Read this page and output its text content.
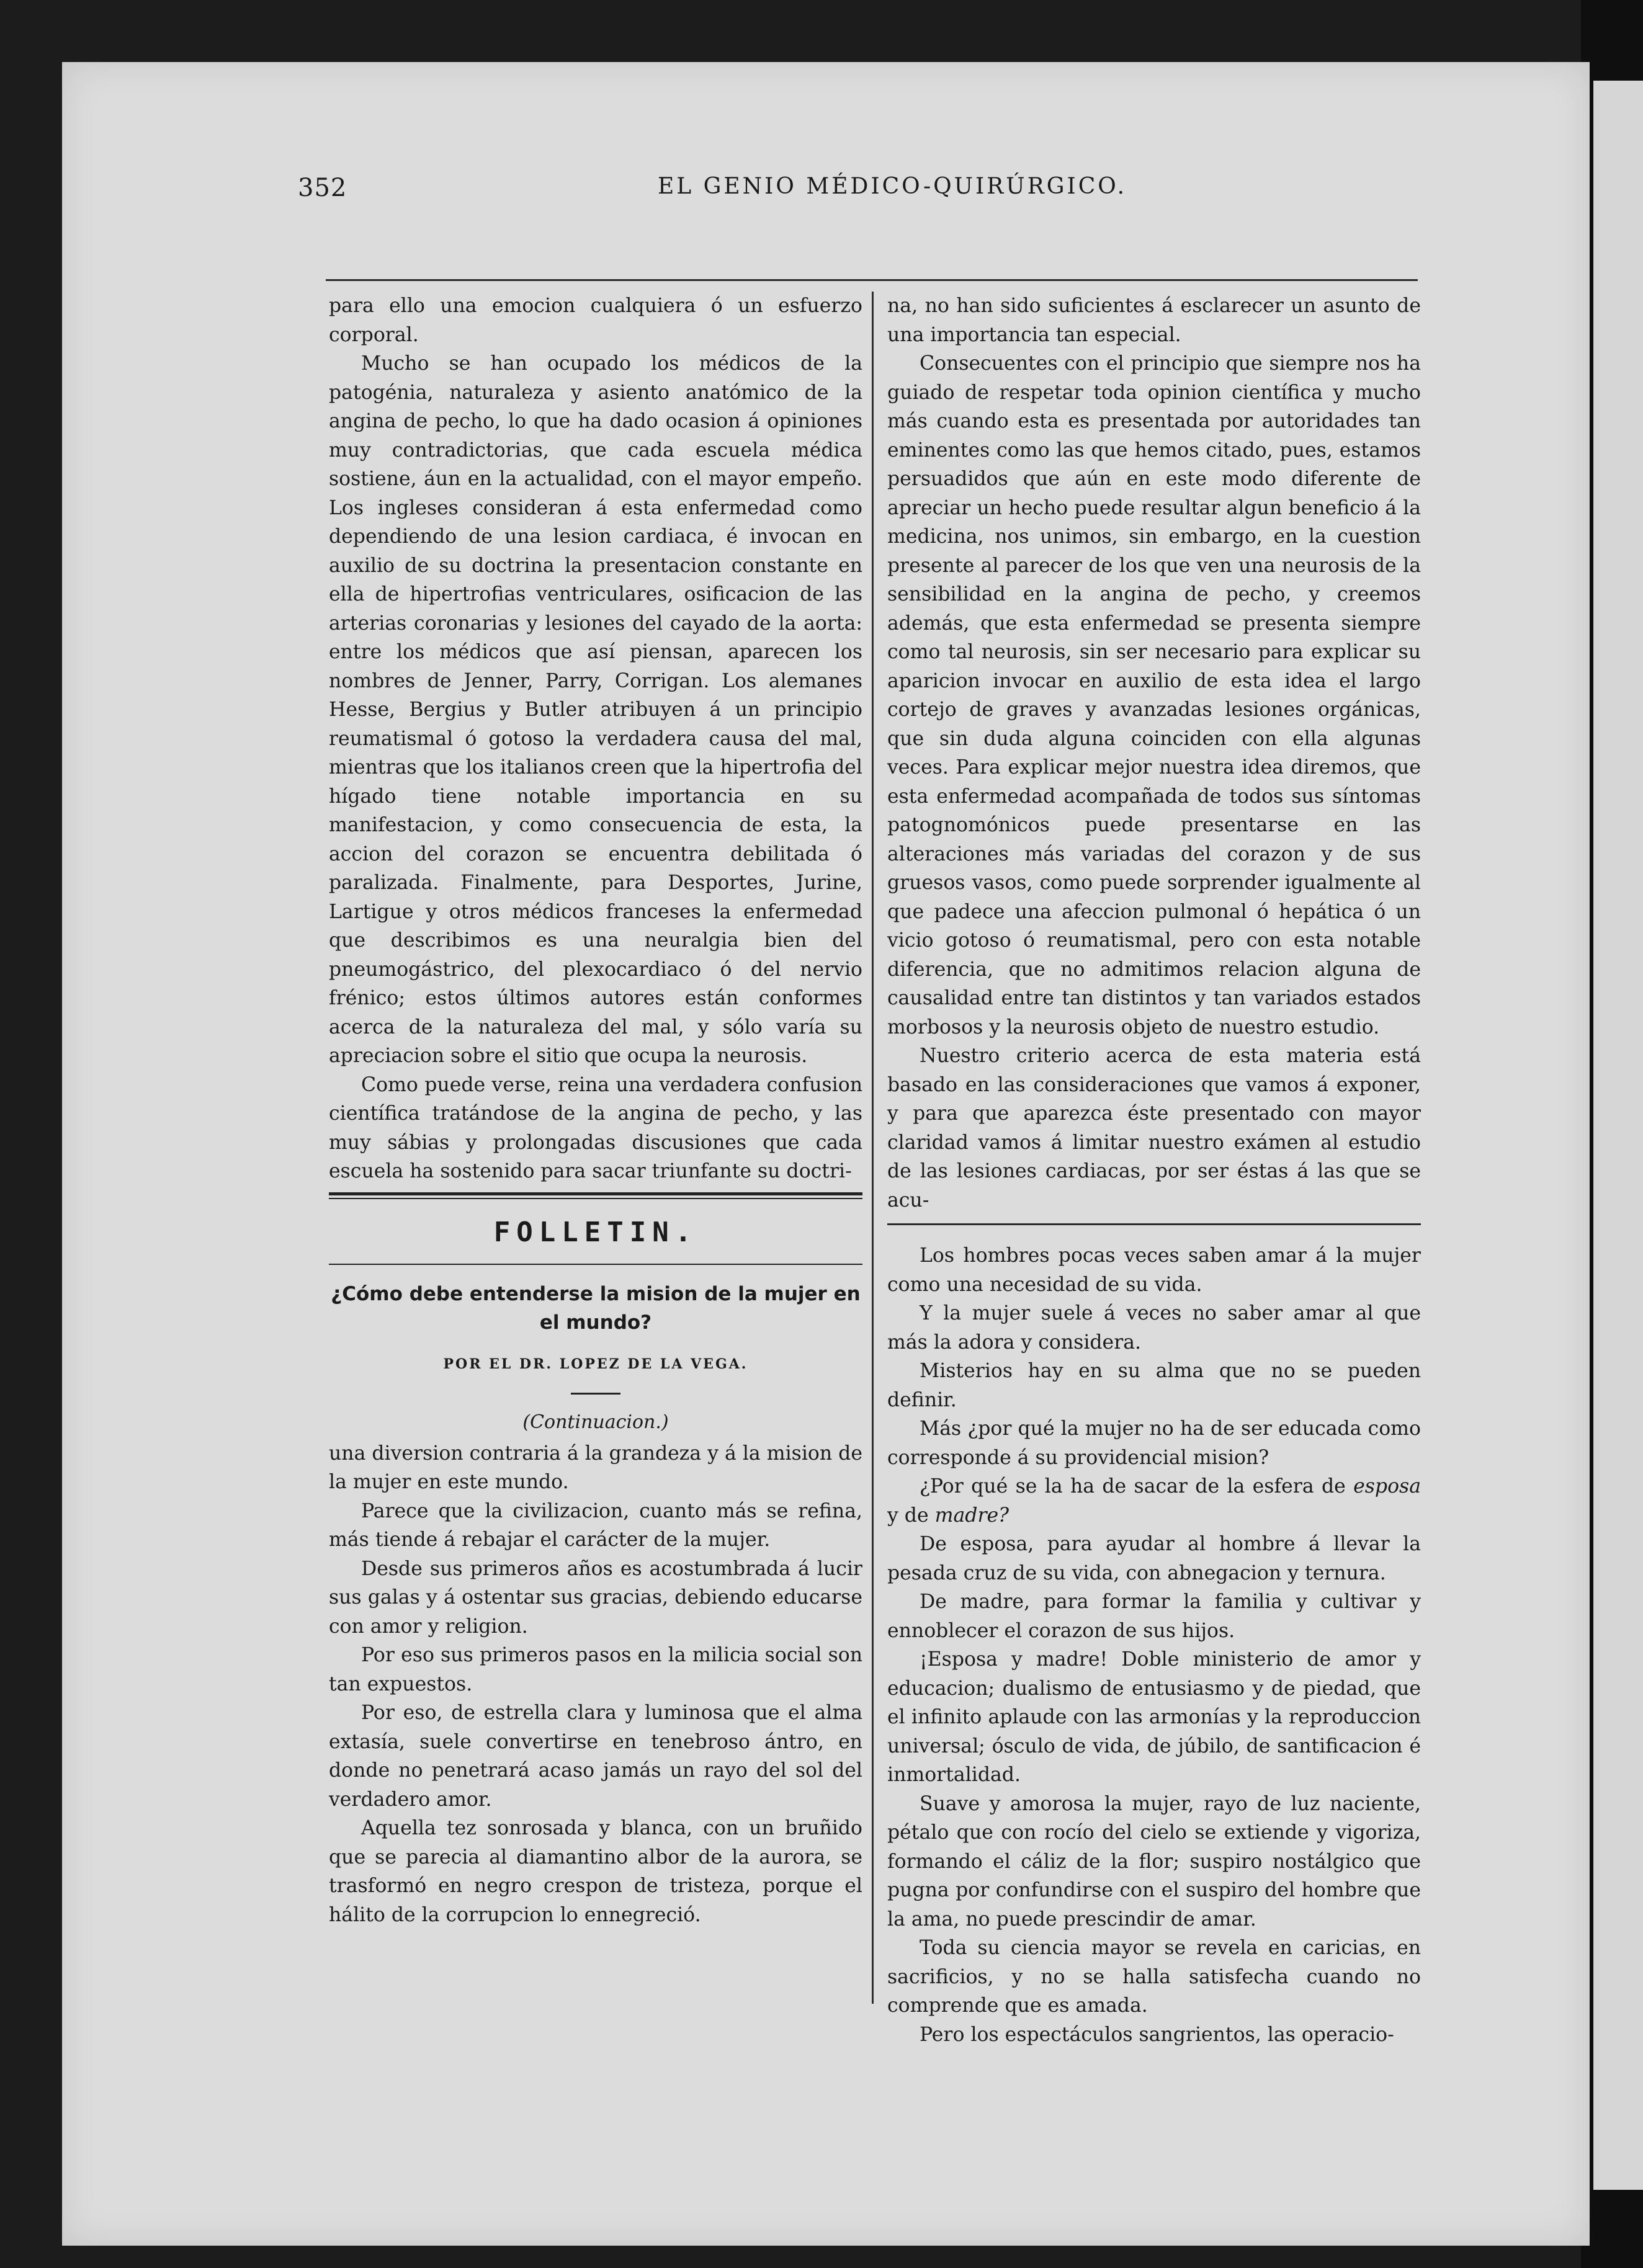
352	EL GENIO MÉDICO-QUIRÚRGICO.

para ello una emocion cualquiera ó un esfuerzo corporal.

Mucho se han ocupado los médicos de la patogénia, naturaleza y asiento anatómico de la angina de pecho, lo que ha dado ocasion á opiniones muy contradictorias, que cada escuela médica sostiene, áun en la actualidad, con el mayor empeño. Los ingleses consideran á esta enfermedad como dependiendo de una lesion cardiaca, é invocan en auxilio de su doctrina la presentacion constante en ella de hipertrofias ventriculares, osificacion de las arterias coronarias y lesiones del cayado de la aorta: entre los médicos que así piensan, aparecen los nombres de Jenner, Parry, Corrigan. Los alemanes Hesse, Bergius y Butler atribuyen á un principio reumatismal ó gotoso la verdadera causa del mal, mientras que los italianos creen que la hipertrofia del hígado tiene notable importancia en su manifestacion, y como consecuencia de esta, la accion del corazon se encuentra debilitada ó paralizada. Finalmente, para Desportes, Jurine, Lartigue y otros médicos franceses la enfermedad que describimos es una neuralgia bien del pneumogástrico, del plexocardiaco ó del nervio frénico; estos últimos autores están conformes acerca de la naturaleza del mal, y sólo varía su apreciacion sobre el sitio que ocupa la neurosis.

Como puede verse, reina una verdadera confusion científica tratándose de la angina de pecho, y las muy sábias y prolongadas discusiones que cada escuela ha sostenido para sacar triunfante su doctri-

FOLLETIN.
¿Cómo debe entenderse la mision de la mujer en el mundo?
POR EL DR. LOPEZ DE LA VEGA.
(Continuacion.)

una diversion contraria á la grandeza y á la mision de la mujer en este mundo.

Parece que la civilizacion, cuanto más se refina, más tiende á rebajar el carácter de la mujer.

Desde sus primeros años es acostumbrada á lucir sus galas y á ostentar sus gracias, debiendo educarse con amor y religion.

Por eso sus primeros pasos en la milicia social son tan expuestos.

Por eso, de estrella clara y luminosa que el alma extasía, suele convertirse en tenebroso ántro, en donde no penetrará acaso jamás un rayo del sol del verdadero amor.

Aquella tez sonrosada y blanca, con un bruñido que se parecia al diamantino albor de la aurora, se trasformó en negro crespon de tristeza, porque el hálito de la corrupcion lo ennegreció.

na, no han sido suficientes á esclarecer un asunto de una importancia tan especial.

Consecuentes con el principio que siempre nos ha guiado de respetar toda opinion científica y mucho más cuando esta es presentada por autoridades tan eminentes como las que hemos citado, pues, estamos persuadidos que aún en este modo diferente de apreciar un hecho puede resultar algun beneficio á la medicina, nos unimos, sin embargo, en la cuestion presente al parecer de los que ven una neurosis de la sensibilidad en la angina de pecho, y creemos además, que esta enfermedad se presenta siempre como tal neurosis, sin ser necesario para explicar su aparicion invocar en auxilio de esta idea el largo cortejo de graves y avanzadas lesiones orgánicas, que sin duda alguna coinciden con ella algunas veces. Para explicar mejor nuestra idea diremos, que esta enfermedad acompañada de todos sus síntomas patognomónicos puede presentarse en las alteraciones más variadas del corazon y de sus gruesos vasos, como puede sorprender igualmente al que padece una afeccion pulmonal ó hepática ó un vicio gotoso ó reumatismal, pero con esta notable diferencia, que no admitimos relacion alguna de causalidad entre tan distintos y tan variados estados morbosos y la neurosis objeto de nuestro estudio.

Nuestro criterio acerca de esta materia está basado en las consideraciones que vamos á exponer, y para que aparezca éste presentado con mayor claridad vamos á limitar nuestro exámen al estudio de las lesiones cardiacas, por ser éstas á las que se acu-

Los hombres pocas veces saben amar á la mujer como una necesidad de su vida.

Y la mujer suele á veces no saber amar al que más la adora y considera.

Misterios hay en su alma que no se pueden definir.

Más ¿por qué la mujer no ha de ser educada como corresponde á su providencial mision?

¿Por qué se la ha de sacar de la esfera de esposa y de madre?

De esposa, para ayudar al hombre á llevar la pesada cruz de su vida, con abnegacion y ternura.

De madre, para formar la familia y cultivar y ennoblecer el corazon de sus hijos.

¡Esposa y madre! Doble ministerio de amor y educacion; dualismo de entusiasmo y de piedad, que el infinito aplaude con las armonías y la reproduccion universal; ósculo de vida, de júbilo, de santificacion é inmortalidad.

Suave y amorosa la mujer, rayo de luz naciente, pétalo que con rocío del cielo se extiende y vigoriza, formando el cáliz de la flor; suspiro nostálgico que pugna por confundirse con el suspiro del hombre que la ama, no puede prescindir de amar.

Toda su ciencia mayor se revela en caricias, en sacrificios, y no se halla satisfecha cuando no comprende que es amada.

Pero los espectáculos sangrientos, las operacio-
